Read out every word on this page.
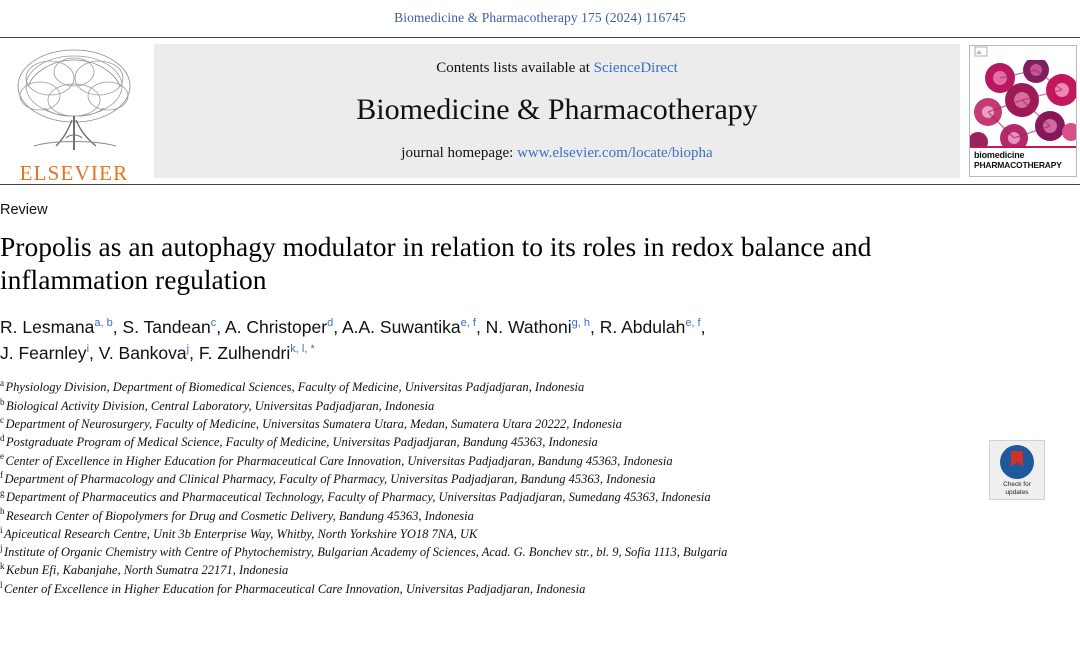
Biomedicine & Pharmacotherapy 175 (2024) 116745
ELSEVIER
Contents lists available at ScienceDirect
Biomedicine & Pharmacotherapy
journal homepage: www.elsevier.com/locate/biopha	biomedicine
PHARMACOTHERAPY
Check for
updates
Review
Propolis as an autophagy modulator in relation to its roles in redox balance and inflammation regulation
R. Lesmana$^{a, b}$, S. Tandean$^c$, A. Christoper$^d$, A.A. Suwantika$^{e, f}$, N. Wathoni$^{g, h}$, R. Abdulah$^{e, f}$,
J. Fearnley$^i$, V. Bankova$^j$, F. Zulhendri$^{k, l, *}$
$^a$ Physiology Division, Department of Biomedical Sciences, Faculty of Medicine, Universitas Padjadjaran, Indonesia
$^b$ Biological Activity Division, Central Laboratory, Universitas Padjadjaran, Indonesia
$^c$ Department of Neurosurgery, Faculty of Medicine, Universitas Sumatera Utara, Medan, Sumatera Utara 20222, Indonesia
$^d$ Postgraduate Program of Medical Science, Faculty of Medicine, Universitas Padjadjaran, Bandung 45363, Indonesia
$^e$ Center of Excellence in Higher Education for Pharmaceutical Care Innovation, Universitas Padjadjaran, Bandung 45363, Indonesia
$^f$ Department of Pharmacology and Clinical Pharmacy, Faculty of Pharmacy, Universitas Padjadjaran, Bandung 45363, Indonesia
$^g$ Department of Pharmaceutics and Pharmaceutical Technology, Faculty of Pharmacy, Universitas Padjadjaran, Sumedang 45363, Indonesia
$^h$ Research Center of Biopolymers for Drug and Cosmetic Delivery, Bandung 45363, Indonesia
$^i$ Apiceutical Research Centre, Unit 3b Enterprise Way, Whitby, North Yorkshire YO18 7NA, UK
$^j$ Institute of Organic Chemistry with Centre of Phytochemistry, Bulgarian Academy of Sciences, Acad. G. Bonchev str., bl. 9, Sofia 1113, Bulgaria
$^k$ Kebun Efi, Kabanjahe, North Sumatra 22171, Indonesia
$^l$ Center of Excellence in Higher Education for Pharmaceutical Care Innovation, Universitas Padjadjaran, Indonesia
